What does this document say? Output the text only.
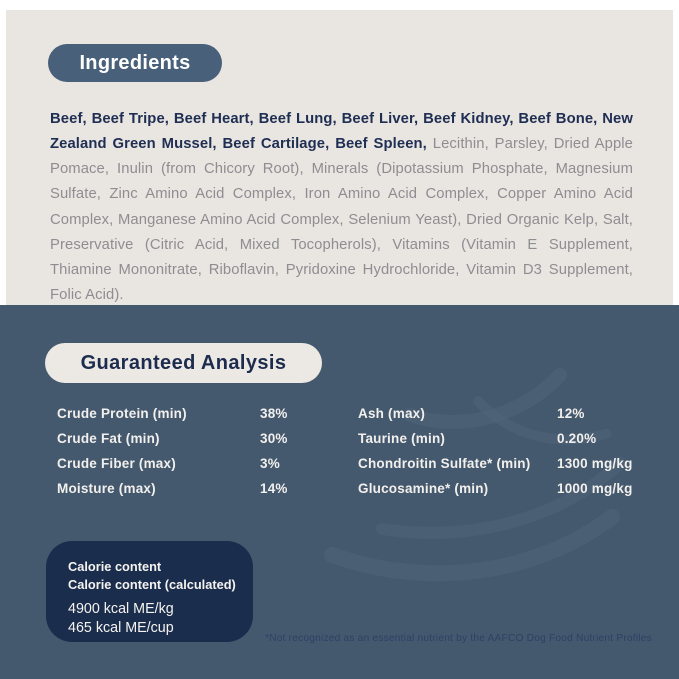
Ingredients

Beef, Beef Tripe, Beef Heart, Beef Lung, Beef Liver, Beef Kidney, Beef Bone, New Zealand Green Mussel, Beef Cartilage, Beef Spleen, Lecithin, Parsley, Dried Apple Pomace, Inulin (from Chicory Root), Minerals (Dipotassium Phosphate, Magnesium Sulfate, Zinc Amino Acid Complex, Iron Amino Acid Complex, Copper Amino Acid Complex, Manganese Amino Acid Complex, Selenium Yeast), Dried Organic Kelp, Salt, Preservative (Citric Acid, Mixed Tocopherols), Vitamins (Vitamin E Supplement, Thiamine Mononitrate, Riboflavin, Pyridoxine Hydrochloride, Vitamin D3 Supplement, Folic Acid).

Guaranteed Analysis
Crude Protein (min)	38%
Crude Fat (min)	30%
Crude Fiber (max)	3%
Moisture (max)	14%
Ash (max)	12%
Taurine (min)	0.20%
Chondroitin Sulfate* (min) 1300 mg/kg
Glucosamine* (min)	1000 mg/kg
Calorie content
Calorie content (calculated)
4900 kcal ME/kg
465 kcal ME/cup
*Not recognized as an essential nutrient by the AAFCO Dog Food Nutrient Profiles
